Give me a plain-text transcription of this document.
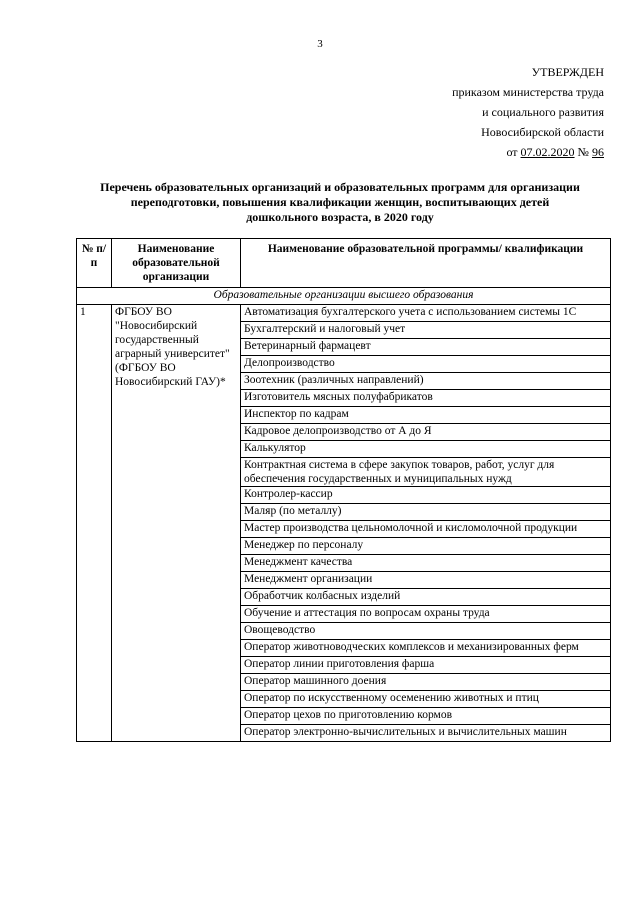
3
УТВЕРЖДЕН
приказом министерства труда
и социального развития
Новосибирской области
от 07.02.2020 № 96
Перечень образовательных организаций и образовательных программ для организации
переподготовки, повышения квалификации женщин, воспитывающих детей
дошкольного возраста, в 2020 году
№ п/п	Наименование образовательной организации	Наименование образовательной программы/ квалификации
Образовательные организации высшего образования		
1	ФГБОУ ВО "Новосибирский государственный аграрный университет" (ФГБОУ ВО Новосибирский ГАУ)*	Автоматизация бухгалтерского учета с использованием системы 1С
		Бухгалтерский и налоговый учет
		Ветеринарный фармацевт
		Делопроизводство
		Зоотехник (различных направлений)
		Изготовитель мясных полуфабрикатов
		Инспектор по кадрам
		Кадровое делопроизводство от А до Я
		Калькулятор
		Контрактная система в сфере закупок товаров, работ, услуг для обеспечения государственных и муниципальных нужд
		Контролер-кассир
		Маляр (по металлу)
		Мастер производства цельномолочной и кисломолочной продукции
		Менеджер по персоналу
		Менеджмент качества
		Менеджмент организации
		Обработчик колбасных изделий
		Обучение и аттестация по вопросам охраны труда
		Овощеводство
		Оператор животноводческих комплексов и механизированных ферм
		Оператор линии приготовления фарша
		Оператор машинного доения
		Оператор по искусственному осеменению животных и птиц
		Оператор цехов по приготовлению кормов
		Оператор электронно-вычислительных и вычислительных машин
